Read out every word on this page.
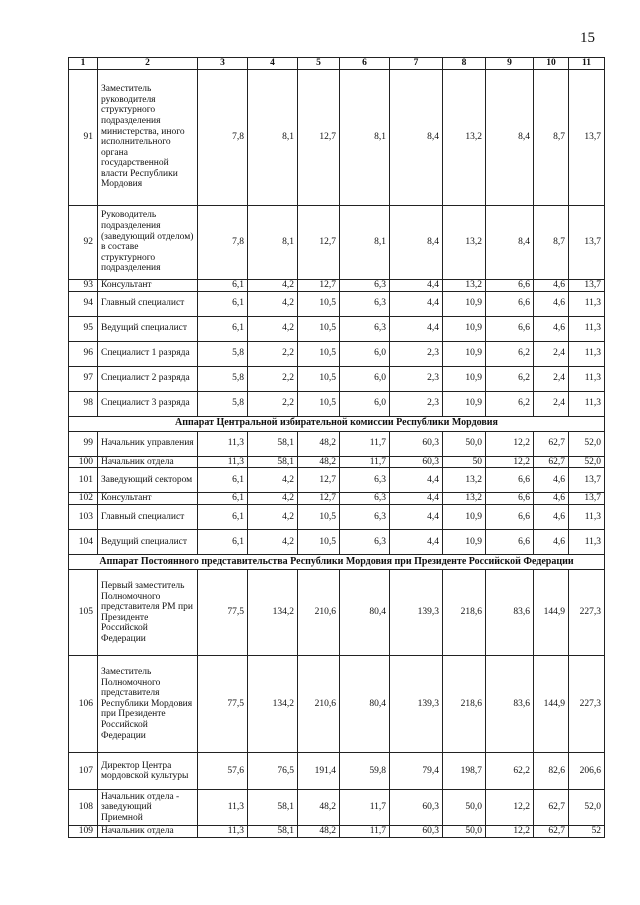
15
1	2	3	4	5	6	7	8	9	10	11
91	Заместитель руководителя структурного подразделения министерства, иного исполнительного органа государственной власти Республики Мордовия	7,8	8,1	12,7	8,1	8,4	13,2	8,4	8,7	13,7
92	Руководитель подразделения (заведующий отделом) в составе структурного подразделения	7,8	8,1	12,7	8,1	8,4	13,2	8,4	8,7	13,7
93	Консультант	6,1	4,2	12,7	6,3	4,4	13,2	6,6	4,6	13,7
94	Главный специалист	6,1	4,2	10,5	6,3	4,4	10,9	6,6	4,6	11,3
95	Ведущий специалист	6,1	4,2	10,5	6,3	4,4	10,9	6,6	4,6	11,3
96	Специалист 1 разряда	5,8	2,2	10,5	6,0	2,3	10,9	6,2	2,4	11,3
97	Специалист 2 разряда	5,8	2,2	10,5	6,0	2,3	10,9	6,2	2,4	11,3
98	Специалист 3 разряда	5,8	2,2	10,5	6,0	2,3	10,9	6,2	2,4	11,3
Аппарат Центральной избирательной комиссии Республики Мордовия										
99	Начальник управления	11,3	58,1	48,2	11,7	60,3	50,0	12,2	62,7	52,0
100	Начальник отдела	11,3	58,1	48,2	11,7	60,3	50	12,2	62,7	52,0
101	Заведующий сектором	6,1	4,2	12,7	6,3	4,4	13,2	6,6	4,6	13,7
102	Консультант	6,1	4,2	12,7	6,3	4,4	13,2	6,6	4,6	13,7
103	Главный специалист	6,1	4,2	10,5	6,3	4,4	10,9	6,6	4,6	11,3
104	Ведущий специалист	6,1	4,2	10,5	6,3	4,4	10,9	6,6	4,6	11,3
Аппарат Постоянного представительства Республики Мордовия при Президенте Российской Федерации										
105	Первый заместитель Полномочного представителя РМ при Президенте Российской Федерации	77,5	134,2	210,6	80,4	139,3	218,6	83,6	144,9	227,3
106	Заместитель Полномочного представителя Республики Мордовия при Президенте Российской Федерации	77,5	134,2	210,6	80,4	139,3	218,6	83,6	144,9	227,3
107	Директор Центра мордовской культуры	57,6	76,5	191,4	59,8	79,4	198,7	62,2	82,6	206,6
108	Начальник отдела - заведующий Приемной	11,3	58,1	48,2	11,7	60,3	50,0	12,2	62,7	52,0
109	Начальник отдела	11,3	58,1	48,2	11,7	60,3	50,0	12,2	62,7	52
